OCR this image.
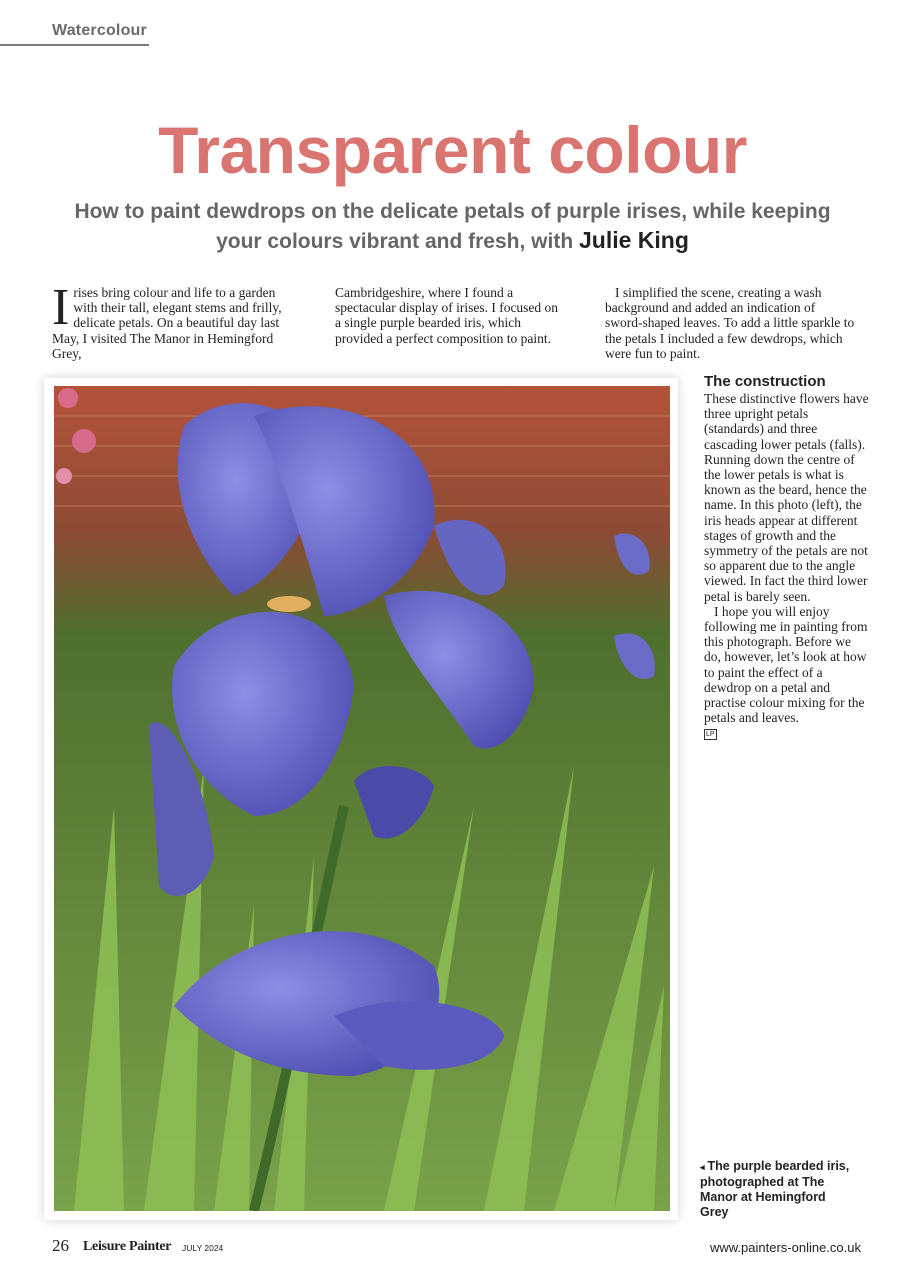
Watercolour
Transparent colour

How to paint dewdrops on the delicate petals of purple irises, while keeping your colours vibrant and fresh, with Julie King

I rises bring colour and life to a garden with their tall, elegant stems and frilly, delicate petals. On a beautiful day last May, I visited The Manor in Hemingford Grey,
Cambridgeshire, where I found a spectacular display of irises. I focused on a single purple bearded iris, which provided a perfect composition to paint.
I simplified the scene, creating a wash background and added an indication of sword-shaped leaves. To add a little sparkle to the petals I included a few dewdrops, which were fun to paint.
The construction
These distinctive flowers have three upright petals (standards) and three cascading lower petals (falls). Running down the centre of the lower petals is what is known as the beard, hence the name. In this photo (left), the iris heads appear at different stages of growth and the symmetry of the petals are not so apparent due to the angle viewed. In fact the third lower petal is barely seen.
I hope you will enjoy following me in painting from this photograph. Before we do, however, let’s look at how to paint the effect of a dewdrop on a petal and practise colour mixing for the petals and leaves. LP
◂ The purple bearded iris, photographed at The Manor at Hemingford Grey
26 Leisure Painter JULY 2024	www.painters-online.co.uk
